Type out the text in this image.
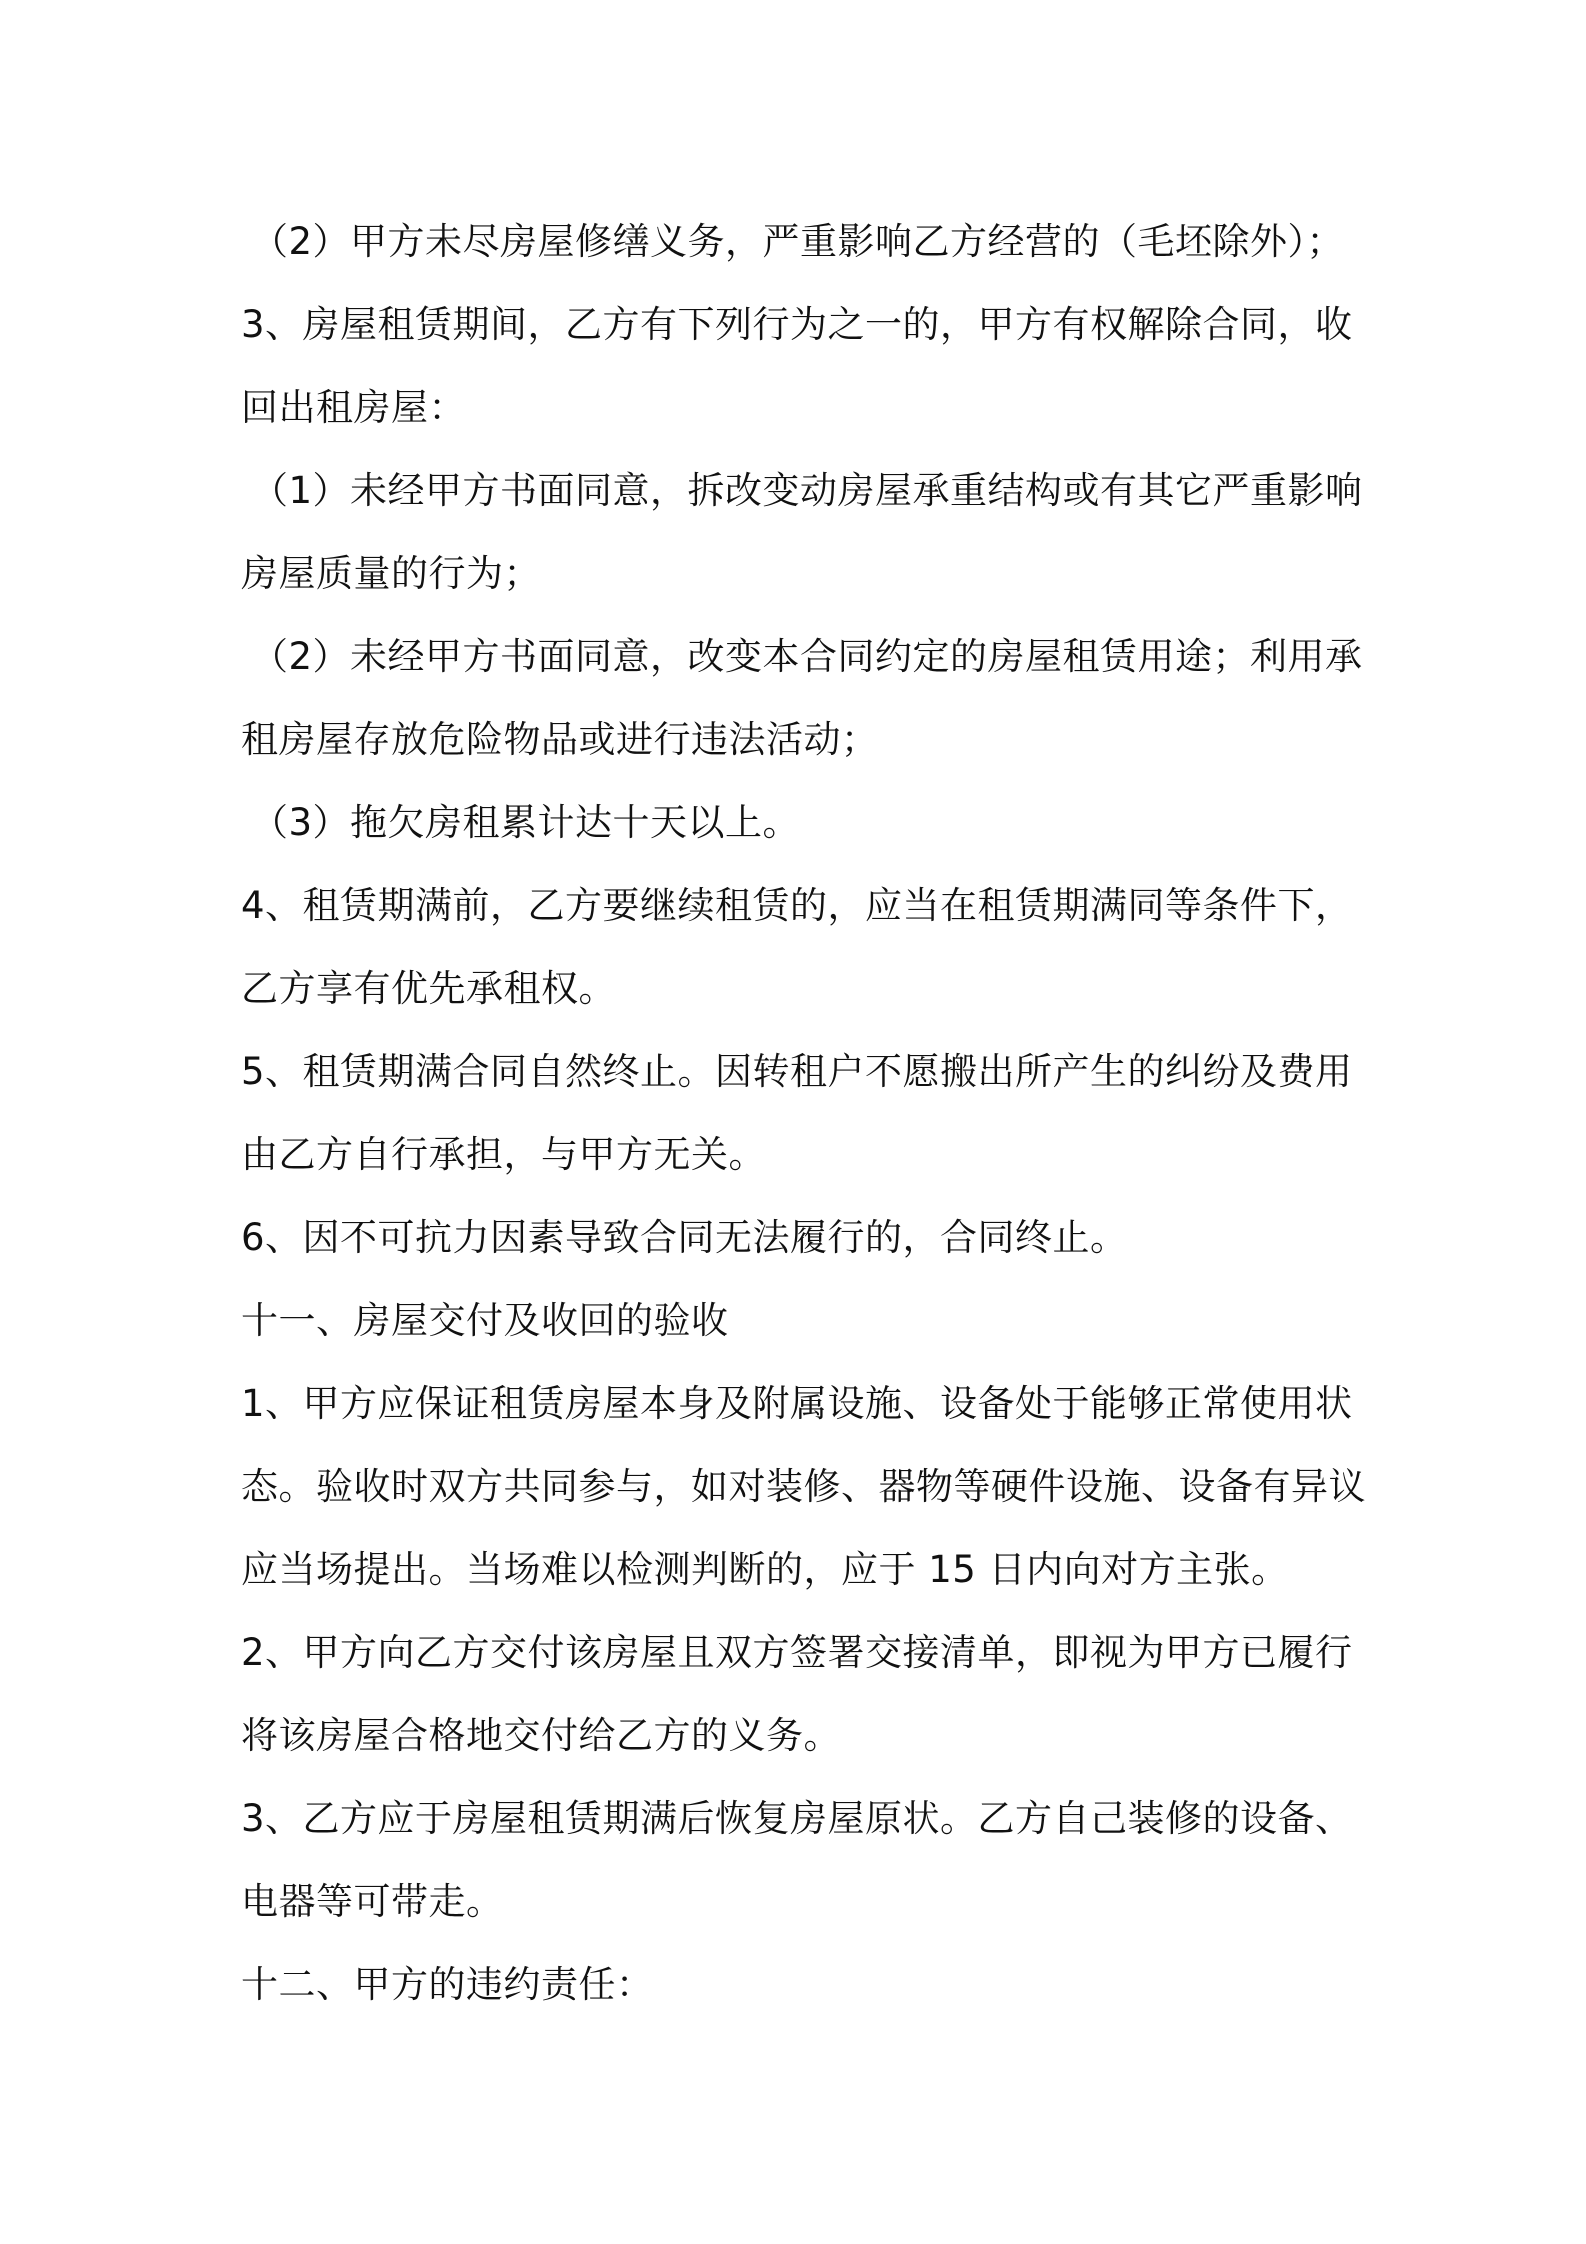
（2）甲方未尽房屋修缮义务，严重影响乙方经营的（毛坯除外）；
3、房屋租赁期间，乙方有下列行为之一的，甲方有权解除合同，收
回出租房屋：
（1）未经甲方书面同意，拆改变动房屋承重结构或有其它严重影响
房屋质量的行为；
（2）未经甲方书面同意，改变本合同约定的房屋租赁用途；利用承
租房屋存放危险物品或进行违法活动；
（3）拖欠房租累计达十天以上。
4、租赁期满前，乙方要继续租赁的，应当在租赁期满同等条件下，
乙方享有优先承租权。
5、租赁期满合同自然终止。因转租户不愿搬出所产生的纠纷及费用
由乙方自行承担，与甲方无关。
6、因不可抗力因素导致合同无法履行的，合同终止。
十一、房屋交付及收回的验收
1、甲方应保证租赁房屋本身及附属设施、设备处于能够正常使用状
态。验收时双方共同参与，如对装修、器物等硬件设施、设备有异议
应当场提出。当场难以检测判断的，应于 15 日内向对方主张。
2、甲方向乙方交付该房屋且双方签署交接清单，即视为甲方已履行
将该房屋合格地交付给乙方的义务。
3、乙方应于房屋租赁期满后恢复房屋原状。乙方自己装修的设备、
电器等可带走。
十二、甲方的违约责任：
